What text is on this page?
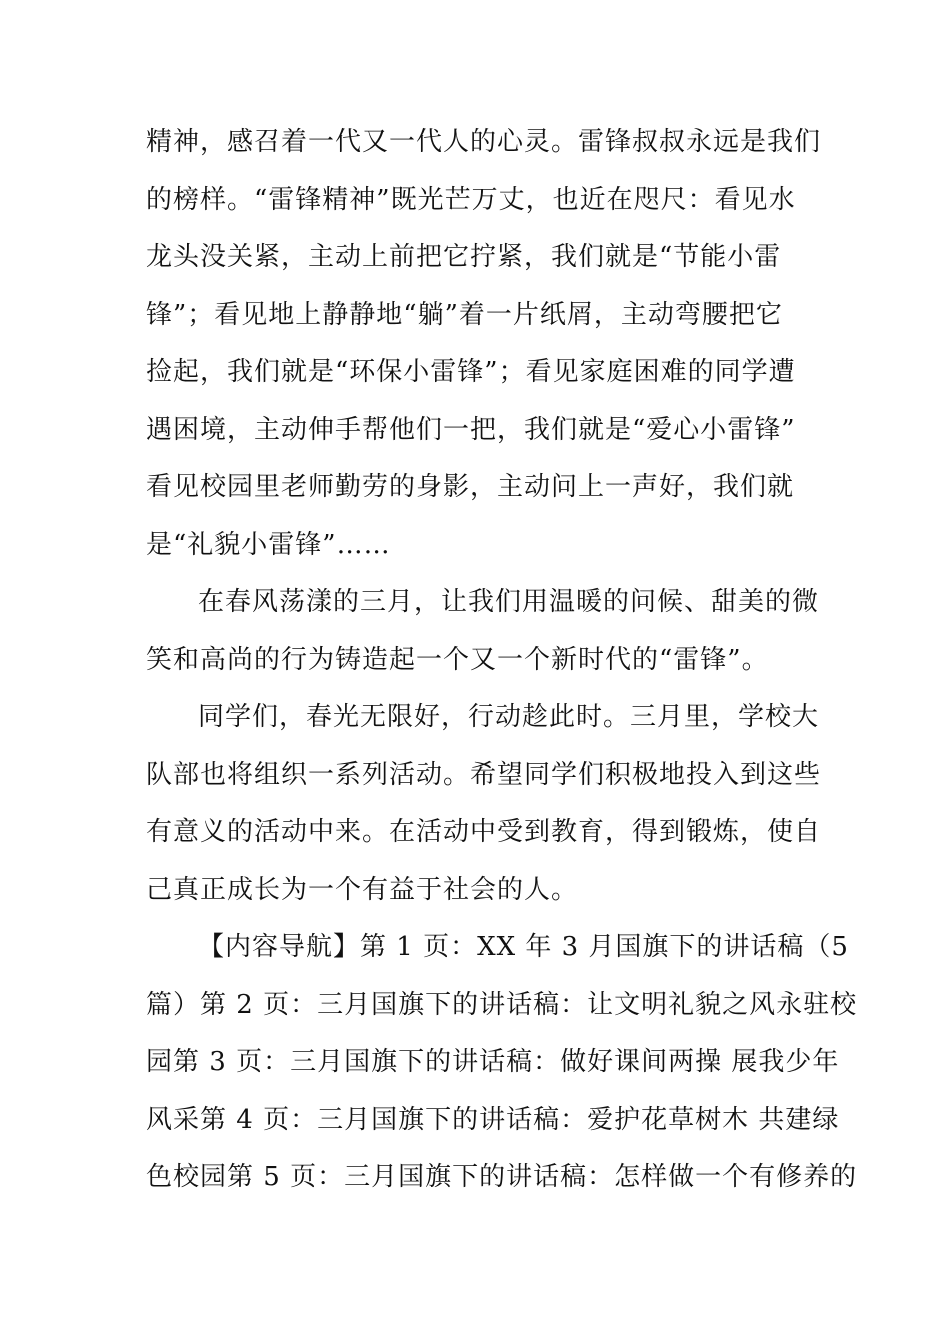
精神，感召着一代又一代人的心灵。雷锋叔叔永远是我们
的榜样。“雷锋精神”既光芒万丈，也近在咫尺：看见水
龙头没关紧，主动上前把它拧紧，我们就是“节能小雷
锋”；看见地上静静地“躺”着一片纸屑，主动弯腰把它
捡起，我们就是“环保小雷锋”；看见家庭困难的同学遭
遇困境，主动伸手帮他们一把，我们就是“爱心小雷锋”
看见校园里老师勤劳的身影，主动问上一声好，我们就
是“礼貌小雷锋”……
在春风荡漾的三月，让我们用温暖的问候、甜美的微
笑和高尚的行为铸造起一个又一个新时代的“雷锋”。
同学们，春光无限好，行动趁此时。三月里，学校大
队部也将组织一系列活动。希望同学们积极地投入到这些
有意义的活动中来。在活动中受到教育，得到锻炼，使自
己真正成长为一个有益于社会的人。
【内容导航】第 1 页：XX 年 3 月国旗下的讲话稿（5
篇）第 2 页：三月国旗下的讲话稿：让文明礼貌之风永驻校
园第 3 页：三月国旗下的讲话稿：做好课间两操 展我少年
风采第 4 页：三月国旗下的讲话稿：爱护花草树木 共建绿
色校园第 5 页：三月国旗下的讲话稿：怎样做一个有修养的
